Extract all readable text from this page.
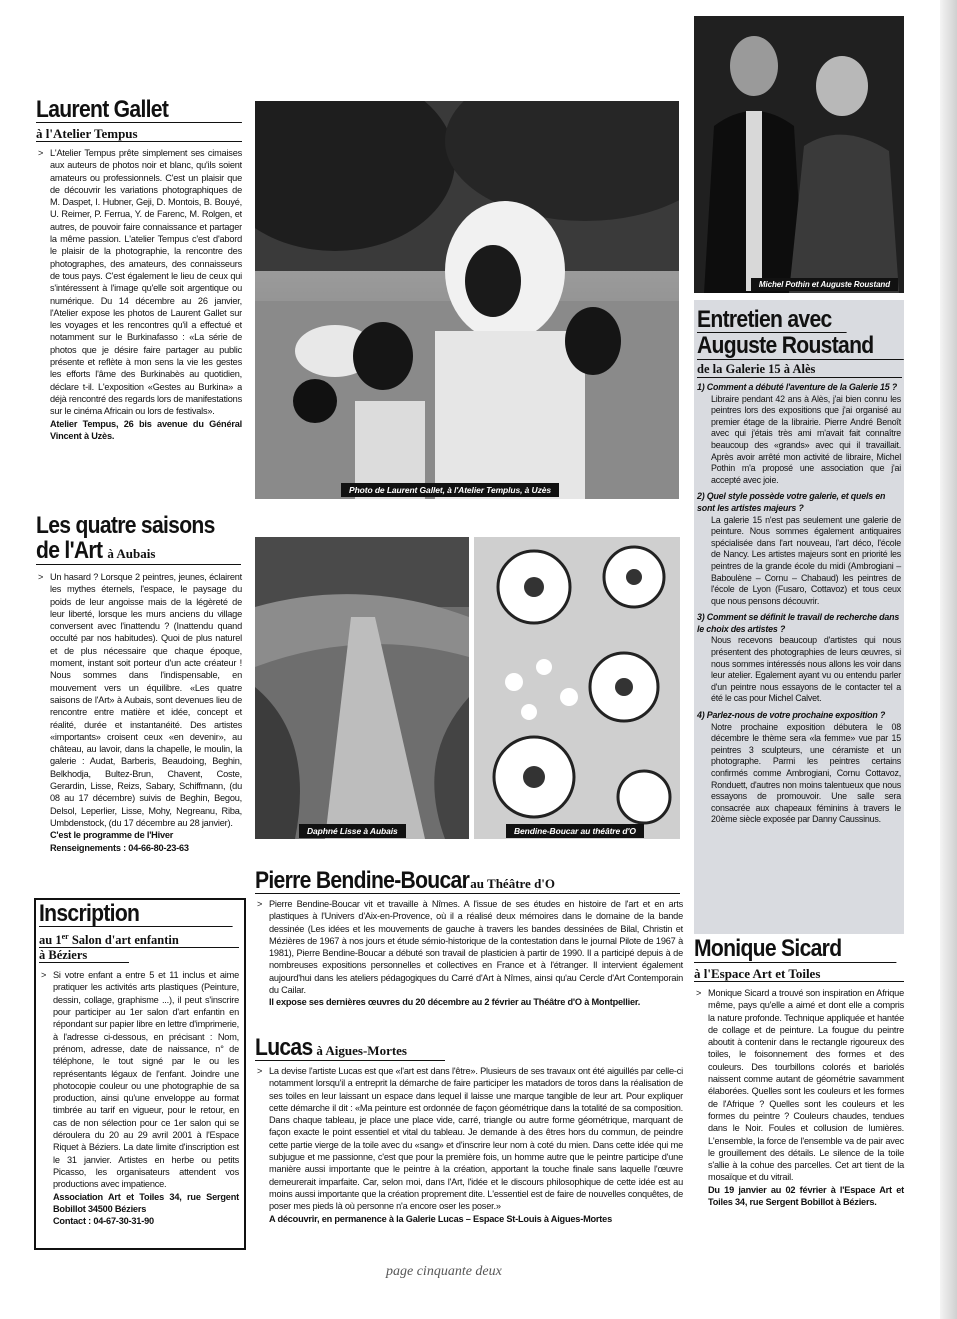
Laurent Gallet
à l'Atelier Tempus

> L'Atelier Tempus prête simplement ses cimaises aux auteurs de photos noir et blanc, qu'ils soient amateurs ou professionnels. C'est un plaisir que de découvrir les variations photographiques de M. Daspet, I. Hubner, Geji, D. Montois, B. Bouyé, U. Reimer, P. Ferrua, Y. de Farenc, M. Rolgen, et autres, de pouvoir faire connaissance et partager la même passion. L'atelier Tempus c'est d'abord le plaisir de la photographie, la rencontre des photographes, des amateurs, des connaisseurs de tous pays. C'est également le lieu de ceux qui s'intéressent à l'image qu'elle soit argentique ou numérique. Du 14 décembre au 26 janvier, l'Atelier expose les photos de Laurent Gallet sur les voyages et les rencontres qu'il a effectué et notamment sur le Burkinafasso : «La série de photos que je désire faire partager au public présente et reflète à mon sens la vie les gestes les efforts l'âme des Burkinabès au quotidien, déclare t-il. L'exposition «Gestes au Burkina» a déjà rencontré des regards lors de manifestations sur le cinéma Africain ou lors de festivals».

Atelier Tempus, 26 bis avenue du Général Vincent à Uzès.

Photo de Laurent Gallet, à l'Atelier Templus, à Uzès
Michel Pothin et Auguste Roustand
Entretien avec
Auguste Roustand
de la Galerie 15 à Alès
1) Comment a débuté l'aventure de la Galerie 15 ?

Libraire pendant 42 ans à Alès, j'ai bien connu les peintres lors des expositions que j'ai organisé au premier étage de la librairie. Pierre André Benoît avec qui j'étais très ami m'avait fait connaître beaucoup des «grands» avec qui il travaillait. Après avoir arrêté mon activité de libraire, Michel Pothin m'a proposé une association que j'ai accepté avec joie.

2) Quel style possède votre galerie, et quels en sont les artistes majeurs ?

La galerie 15 n'est pas seulement une galerie de peinture. Nous sommes également antiquaires spécialisée dans l'art nouveau, l'art déco, l'école de Nancy. Les artistes majeurs sont en priorité les peintres de la grande école du midi (Ambrogiani – Baboulène – Cornu – Chabaud) les peintres de l'école de Lyon (Fusaro, Cottavoz) et tous ceux que nous pensons découvrir.

3) Comment se définit le travail de recherche dans le choix des artistes ?

Nous recevons beaucoup d'artistes qui nous présentent des photographies de leurs œuvres, si nous sommes intéressés nous allons les voir dans leur atelier. Egalement ayant vu ou entendu parler d'un peintre nous essayons de le contacter tel a été le cas pour Michel Calvet.

4) Parlez-nous de votre prochaine exposition ?

Notre prochaine exposition débutera le 08 décembre le thème sera «la femme» vue par 15 peintres 3 sculpteurs, une céramiste et un photographe. Parmi les peintres certains confirmés comme Ambrogiani, Cornu Cottavoz, Ronduett, d'autres non moins talentueux que nous essayons de promouvoir. Une salle sera consacrée aux chapeaux féminins à travers le 20ème siècle exposée par Danny Caussinus.

Les quatre saisons
de l'Art à Aubais

> Un hasard ? Lorsque 2 peintres, jeunes, éclairent les mythes éternels, l'espace, le paysage du poids de leur angoisse mais de la légèreté de leur liberté, lorsque les murs anciens du village conversent avec l'inattendu ? (Inattendu quand occulté par nos habitudes). Quoi de plus naturel et de plus nécessaire que chaque époque, moment, instant soit porteur d'un acte créateur ! Nous sommes dans l'indispensable, en mouvement vers un équilibre. «Les quatre saisons de l'Art» à Aubais, sont devenues lieu de rencontre entre matière et idée, concept et réalité, durée et instantanéité. Des artistes «importants» croisent ceux «en devenir», au château, au lavoir, dans la chapelle, le moulin, la galerie : Audat, Barberis, Beaudoing, Beghin, Belkhodja, Bultez-Brun, Chavent, Coste, Gerardin, Lisse, Reizs, Sabary, Schiffmann, (du 08 au 17 décembre) suivis de Beghin, Begou, Delsol, Leperlier, Lisse, Mohy, Negreanu, Riba, Umbdenstock, (du 17 décembre au 28 janvier).

C'est le programme de l'Hiver

Renseignements : 04-66-80-23-63

Daphné Lisse à Aubais	Bendine-Boucar au théâtre d'O
Inscription
au 1er Salon d'art enfantin
à Béziers

> Si votre enfant a entre 5 et 11 inclus et aime pratiquer les activités arts plastiques (Peinture, dessin, collage, graphisme ...), il peut s'inscrire pour participer au 1er salon d'art enfantin en répondant sur papier libre en lettre d'imprimerie, à l'adresse ci-dessous, en précisant : Nom, prénom, adresse, date de naissance, n° de téléphone, le tout signé par le ou les représentants légaux de l'enfant. Joindre une photocopie couleur ou une photographie de sa production, ainsi qu'une enveloppe au format timbrée au tarif en vigueur, pour le retour, en cas de non sélection pour ce 1er salon qui se déroulera du 20 au 29 avril 2001 à l'Espace Riquet à Béziers. La date limite d'inscription est le 31 janvier. Artistes en herbe ou petits Picasso, les organisateurs attendent vos productions avec impatience.

Association Art et Toiles 34, rue Sergent Bobillot 34500 Béziers

Contact : 04-67-30-31-90

Pierre Bendine-Boucarau Théâtre d'O

> Pierre Bendine-Boucar vit et travaille à Nîmes. A l'issue de ses études en histoire de l'art et en arts plastiques à l'Univers d'Aix-en-Provence, où il a réalisé deux mémoires dans le domaine de la bande dessinée (Les idées et les mouvements de gauche à travers les bandes dessinées de Bilal, Christin et Mézières de 1967 à nos jours et étude sémio-historique de la contestation dans le journal Pilote de 1967 à 1981), Pierre Bendine-Boucar a débuté son travail de plasticien à partir de 1990. Il a participé depuis à de nombreuses expositions personnelles et collectives en France et à l'étranger. Il intervient également aujourd'hui dans les ateliers pédagogiques du Carré d'Art à Nîmes, ainsi qu'au Cercle d'Art Contemporain du Cailar.

Il expose ses dernières œuvres du 20 décembre au 2 février au Théâtre d'O à Montpellier.

Lucas à Aigues-Mortes

> La devise l'artiste Lucas est que «l'art est dans l'être». Plusieurs de ses travaux ont été aiguillés par celle-ci notamment lorsqu'il a entreprit la démarche de faire participer les matadors de toros dans la réalisation de ses toiles en leur laissant un espace dans lequel il laisse une marque tangible de leur art. Pour expliquer cette démarche il dit : «Ma peinture est ordonnée de façon géométrique dans la totalité de sa composition. Dans chaque tableau, je place une place vide, carré, triangle ou autre forme géométrique, marquant de façon exacte le point essentiel et vital du tableau. Je demande à des êtres hors du commun, de peindre cette partie vierge de la toile avec du «sang» et d'inscrire leur nom à coté du mien. Dans cette idée qui me subjugue et me passionne, c'est que pour la première fois, un homme autre que le peintre participe d'une manière aussi importante que le peintre à la création, apportant la touche finale sans laquelle l'œuvre demeurerait imparfaite. Car, selon moi, dans l'Art, l'idée et le discours philosophique de cette idée est au moins aussi importante que la création proprement dite. L'essentiel est de faire de nouvelles conquêtes, de poser mes pieds là où personne n'a encore oser les poser.»

A découvrir, en permanence à la Galerie Lucas – Espace St-Louis à Aigues-Mortes

Monique Sicard
à l'Espace Art et Toiles

> Monique Sicard a trouvé son inspiration en Afrique même, pays qu'elle a aimé et dont elle a compris la nature profonde. Technique appliquée et hantée de collage et de peinture. La fougue du peintre aboutit à contenir dans le rectangle rigoureux des toiles, le foisonnement des formes et des couleurs. Des tourbillons colorés et bariolés naissent comme autant de géométrie savamment élaborées. Quelles sont les couleurs et les formes de l'Afrique ? Quelles sont les couleurs et les formes du peintre ? Couleurs chaudes, tendues dans le Noir. Foules et collusion de lumières. L'ensemble, la force de l'ensemble va de pair avec le grouillement des détails. Le silence de la toile s'allie à la cohue des parcelles. Cet art tient de la mosaïque et du vitrail.

Du 19 janvier au 02 février à l'Espace Art et Toiles 34, rue Sergent Bobillot à Béziers.

page cinquante deux
